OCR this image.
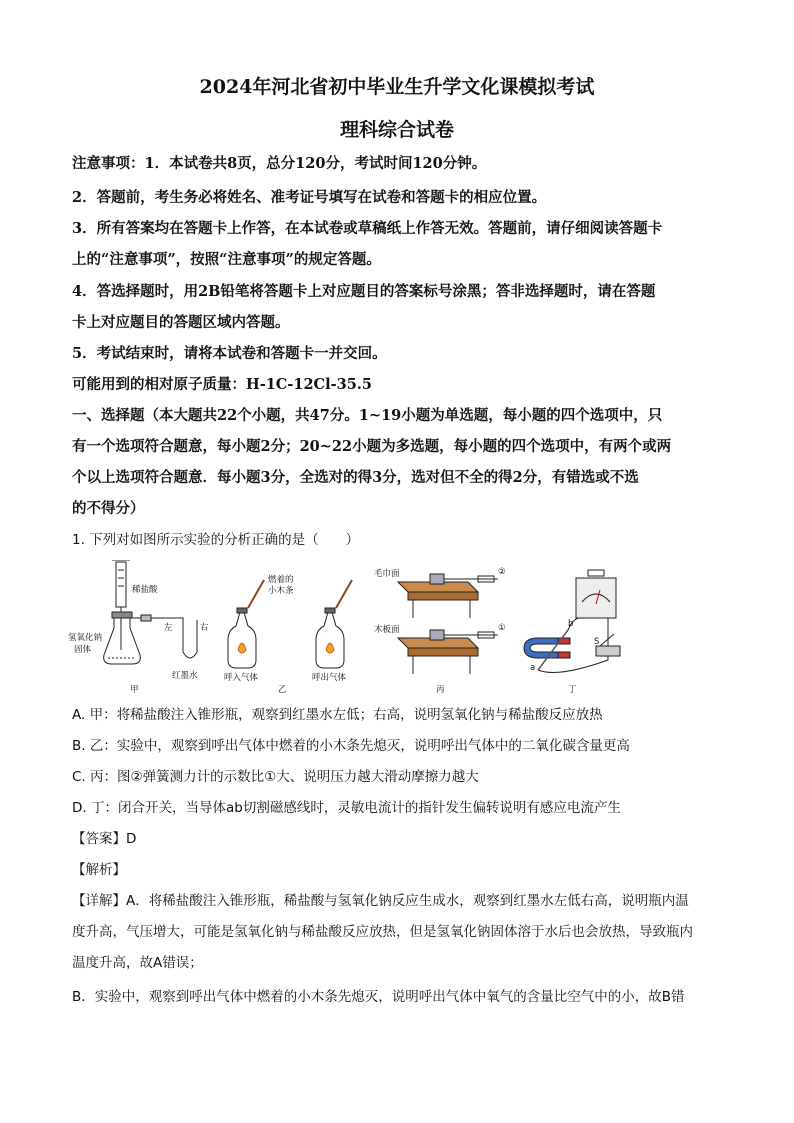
2024年河北省初中毕业生升学文化课模拟考试
理科综合试卷
注意事项：1．本试卷共8页，总分120分，考试时间120分钟。
2．答题前，考生务必将姓名、准考证号填写在试卷和答题卡的相应位置。
3．所有答案均在答题卡上作答，在本试卷或草稿纸上作答无效。答题前，请仔细阅读答题卡
上的“注意事项”，按照“注意事项”的规定答题。
4．答选择题时，用2B铅笔将答题卡上对应题目的答案标号涂黑；答非选择题时，请在答题
卡上对应题目的答题区域内答题。
5．考试结束时，请将本试卷和答题卡一并交回。
可能用到的相对原子质量：H-1C-12Cl-35.5
一、选择题（本大题共22个小题，共47分。1~19小题为单选题，每小题的四个选项中，只
有一个选项符合题意，每小题2分；20~22小题为多选题，每小题的四个选项中，有两个或两
个以上选项符合题意．每小题3分，全选对的得3分，选对但不全的得2分，有错选或不选
的不得分）
1. 下列对如图所示实验的分析正确的是（　　）
稀盐酸
氢氧化钠
固体
左	右
红墨水
甲
燃着的
小木条
呼入气体	呼出气体
乙
毛巾面
木板面
②
①
丙
a
b
S
丁
A. 甲：将稀盐酸注入锥形瓶，观察到红墨水左低；右高，说明氢氧化钠与稀盐酸反应放热
B. 乙：实验中，观察到呼出气体中燃着的小木条先熄灭，说明呼出气体中的二氧化碳含量更高
C. 丙：图②弹簧测力计的示数比①大、说明压力越大滑动摩擦力越大
D. 丁：闭合开关，当导体ab切割磁感线时，灵敏电流计的指针发生偏转说明有感应电流产生
【答案】D
【解析】
【详解】A．将稀盐酸注入锥形瓶，稀盐酸与氢氧化钠反应生成水，观察到红墨水左低右高，说明瓶内温
度升高，气压增大，可能是氢氧化钠与稀盐酸反应放热，但是氢氧化钠固体溶于水后也会放热，导致瓶内
温度升高，故A错误；
B．实验中，观察到呼出气体中燃着的小木条先熄灭，说明呼出气体中氧气的含量比空气中的小，故B错
